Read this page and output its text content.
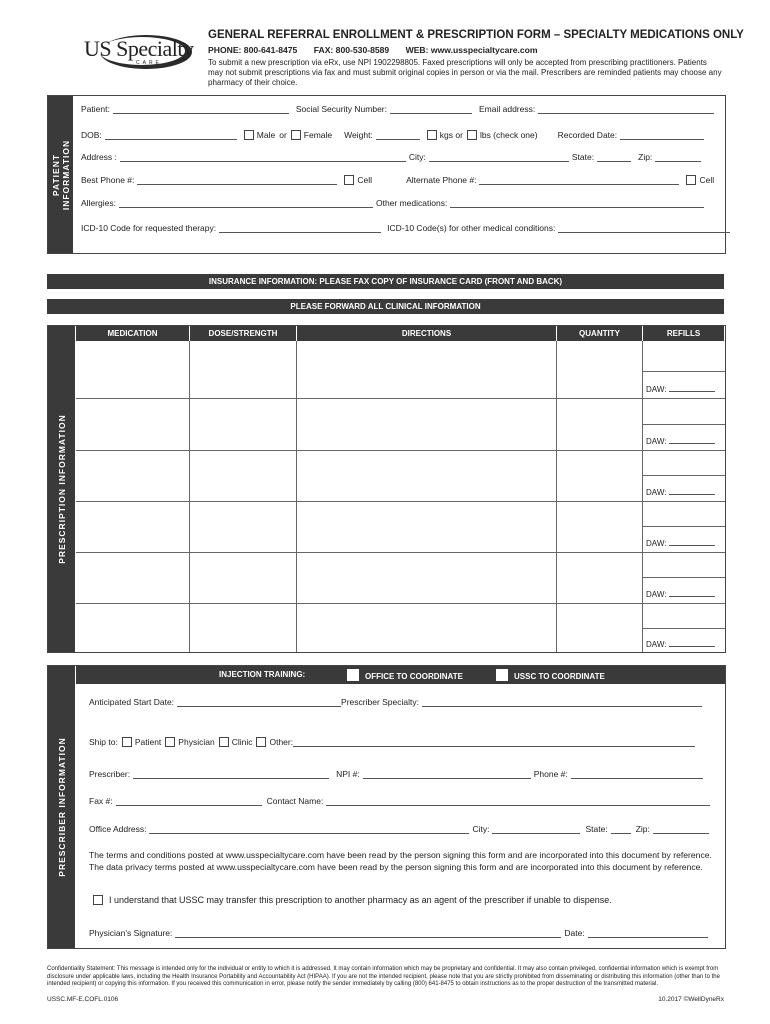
US Specialty
CARE
GENERAL REFERRAL ENROLLMENT & PRESCRIPTION FORM – SPECIALTY MEDICATIONS ONLY
PHONE: 800-641-8475 FAX: 800-530-8589 WEB: www.usspecialtycare.com
To submit a new prescription via eRx, use NPI 1902298805. Faxed prescriptions will only be accepted from prescribing practitioners. Patients may not submit prescriptions via fax and must submit original copies in person or via the mail. Prescribers are reminded patients may choose any pharmacy of their choice.
PATIENT
INFORMATION
Patient:	Social Security Number:	Email address:
DOB:	Male or Female Weight:	kgs or lbs (check one) Recorded Date:
Address :	City:	State:	Zip:
Best Phone #:	Cell	Alternate Phone #:	Cell
Allergies:	Other medications:
ICD-10 Code for requested therapy:	ICD-10 Code(s) for other medical conditions:
INSURANCE INFORMATION: PLEASE FAX COPY OF INSURANCE CARD (FRONT AND BACK)
PLEASE FORWARD ALL CLINICAL INFORMATION
PRESCRIPTION INFORMATION
MEDICATION	DOSE/STRENGTH	DIRECTIONS	QUANTITY	REFILLS
DAW:
DAW:
DAW:
DAW:
DAW:
DAW:
PRESCRIBER INFORMATION
INJECTION TRAINING:	OFFICE TO COORDINATE	USSC TO COORDINATE
Anticipated Start Date:	Prescriber Specialty:
Ship to: Patient Physician Clinic Other:
Prescriber:	NPI #:	Phone #:
Fax #:	Contact Name:
Office Address:	City:	State:	Zip:
The terms and conditions posted at www.usspecialtycare.com have been read by the person signing this form and are incorporated into this document by reference. The data privacy terms posted at www.usspecialtycare.com have been read by the person signing this form and are incorporated into this document by reference.
I understand that USSC may transfer this prescription to another pharmacy as an agent of the prescriber if unable to dispense.
Physician's Signature:	Date:
Confidentiality Statement: This message is intended only for the individual or entity to which it is addressed. It may contain information which may be proprietary and confidential. It may also contain privileged, confidential information which is exempt from disclosure under applicable laws, including the Health Insurance Portability and Accountability Act (HIPAA). If you are not the intended recipient, please note that you are strictly prohibited from disseminating or distributing this information (other than to the intended recipient) or copying this information. If you received this communication in error, please notify the sender immediately by calling (800) 641-8475 to obtain instructions as to the proper destruction of the transmitted material.
USSC.MF-E.COFL.0106	10.2017 ©WellDyneRx
